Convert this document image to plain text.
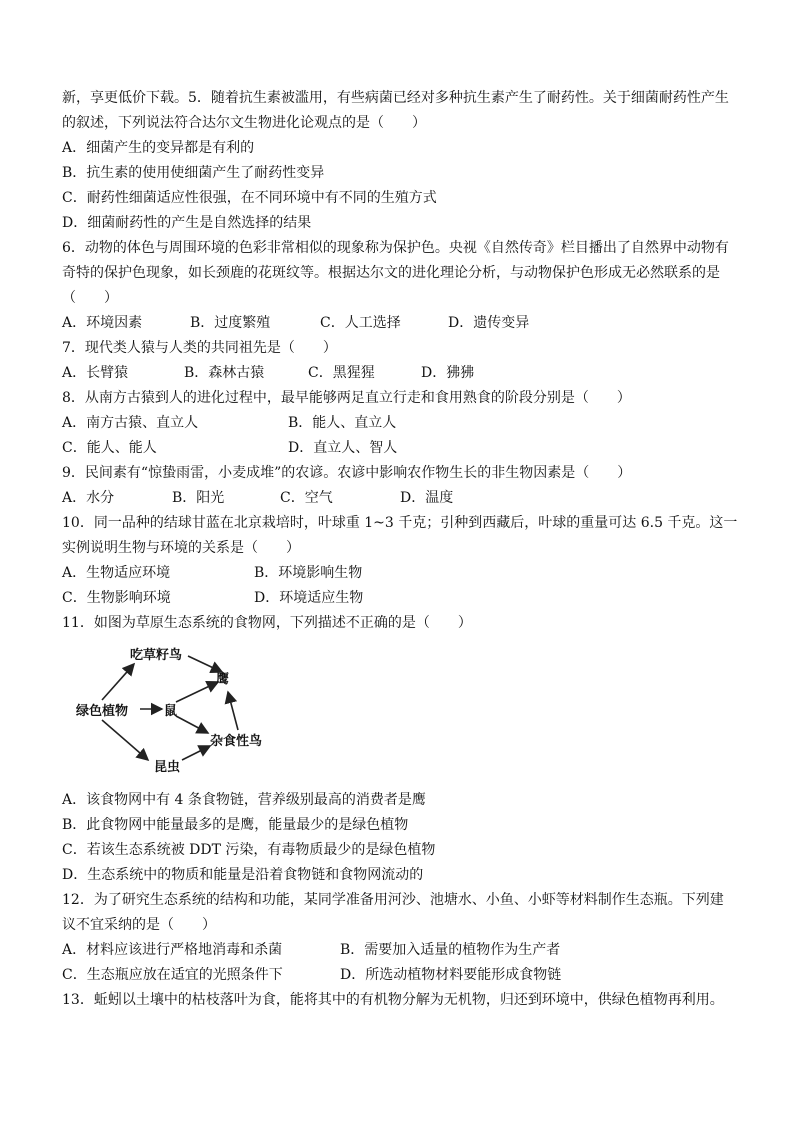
新，享更低价下载。5．随着抗生素被滥用，有些病菌已经对多种抗生素产生了耐药性。关于细菌耐药性产生
的叙述，下列说法符合达尔文生物进化论观点的是（　　）
A．细菌产生的变异都是有利的
B．抗生素的使用使细菌产生了耐药性变异
C．耐药性细菌适应性很强，在不同环境中有不同的生殖方式
D．细菌耐药性的产生是自然选择的结果
6．动物的体色与周围环境的色彩非常相似的现象称为保护色。央视《自然传奇》栏目播出了自然界中动物有
奇特的保护色现象，如长颈鹿的花斑纹等。根据达尔文的进化理论分析，与动物保护色形成无必然联系的是
（　　）
A．环境因素	B．过度繁殖	C．人工选择	D．遗传变异
7．现代类人猿与人类的共同祖先是（　　）
A．长臂猿	B．森林古猿	C．黑猩猩	D．狒狒
8．从南方古猿到人的进化过程中，最早能够两足直立行走和食用熟食的阶段分别是（　　）
A．南方古猿、直立人	B．能人、直立人
C．能人、能人	D．直立人、智人
9．民间素有“惊蛰雨雷，小麦成堆”的农谚。农谚中影响农作物生长的非生物因素是（　　）
A．水分	B．阳光	C．空气	D．温度
10．同一品种的结球甘蓝在北京栽培时，叶球重 1~3 千克；引种到西藏后，叶球的重量可达 6.5 千克。这一
实例说明生物与环境的关系是（　　）
A．生物适应环境	B．环境影响生物
C．生物影响环境	D．环境适应生物
11．如图为草原生态系统的食物网，下列描述不正确的是（　　）
吃草籽鸟
鹰
绿色植物	鼠
杂食性鸟
昆虫
A．该食物网中有 4 条食物链，营养级别最高的消费者是鹰
B．此食物网中能量最多的是鹰，能量最少的是绿色植物
C．若该生态系统被 DDT 污染，有毒物质最少的是绿色植物
D．生态系统中的物质和能量是沿着食物链和食物网流动的
12．为了研究生态系统的结构和功能，某同学准备用河沙、池塘水、小鱼、小虾等材料制作生态瓶。下列建
议不宜采纳的是（　　）
A．材料应该进行严格地消毒和杀菌	B．需要加入适量的植物作为生产者
C．生态瓶应放在适宜的光照条件下	D．所选动植物材料要能形成食物链
13．蚯蚓以土壤中的枯枝落叶为食，能将其中的有机物分解为无机物，归还到环境中，供绿色植物再利用。
